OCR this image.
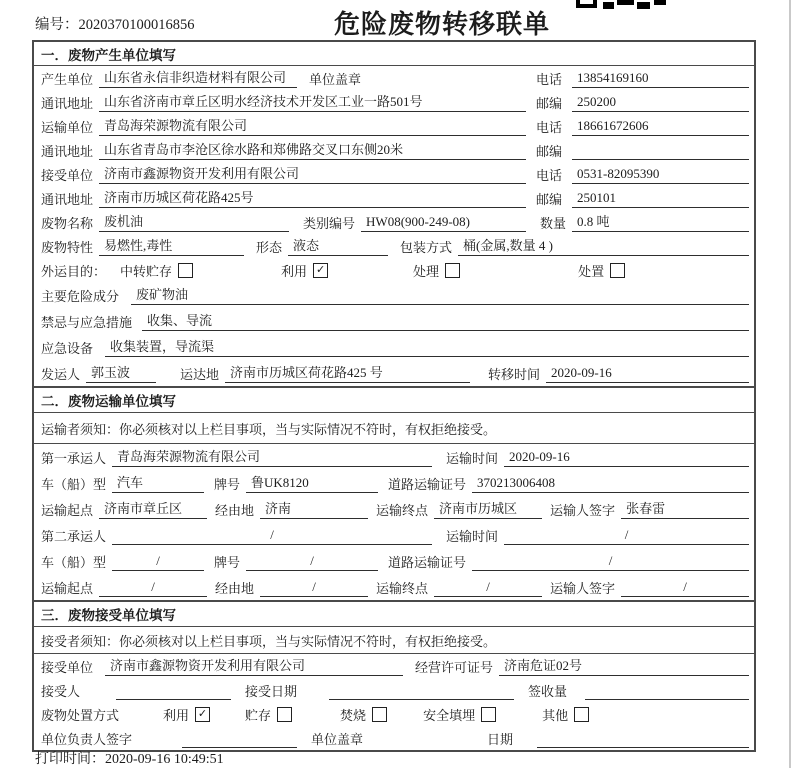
编号：2020370100016856	危险废物转移联单
一．废物产生单位填写
产生单位 山东省永信非织造材料有限公司	单位盖章	电话	13854169160
通讯地址 山东省济南市章丘区明水经济技术开发区工业一路501号	邮编	250200
运输单位 青岛海荣源物流有限公司	电话	18661672606
通讯地址 山东省青岛市李沧区徐水路和郑佛路交叉口东侧20米	邮编
接受单位 济南市鑫源物资开发利用有限公司	电话	0531-82095390
通讯地址 济南市历城区荷花路425号	邮编	250101
废物名称 废机油	类别编号 HW08(900-249-08)	数量 0.8 吨
废物特性 易燃性,毒性	形态 液态	包装方式 桶(金属,数量 4 )
外运目的： 中转贮存	利用 ✓	处理	处置
主要危险成分	废矿物油
禁忌与应急措施	收集、导流
应急设备	收集装置，导流渠
发运人 郭玉波	运达地 济南市历城区荷花路425 号	转移时间 2020-09-16
二．废物运输单位填写
运输者须知：你必须核对以上栏目事项，当与实际情况不符时，有权拒绝接受。
第一承运人 青岛海荣源物流有限公司	运输时间 2020-09-16
车（船）型 汽车	牌号 鲁UK8120	道路运输证号 370213006408
运输起点 济南市章丘区	经由地 济南	运输终点 济南市历城区	运输人签字 张春雷
第二承运人	/	运输时间	/
车（船）型	/	牌号	/	道路运输证号	/
运输起点	/	经由地	/	运输终点	/	运输人签字	/
三．废物接受单位填写
接受者须知：你必须核对以上栏目事项，当与实际情况不符时，有权拒绝接受。
接受单位	济南市鑫源物资开发利用有限公司	经营许可证号 济南危证02号
接受人	接受日期	签收量
废物处置方式	利用 ✓	贮存	焚烧	安全填埋	其他
单位负责人签字	单位盖章	日期
打印时间：2020-09-16 10:49:51
